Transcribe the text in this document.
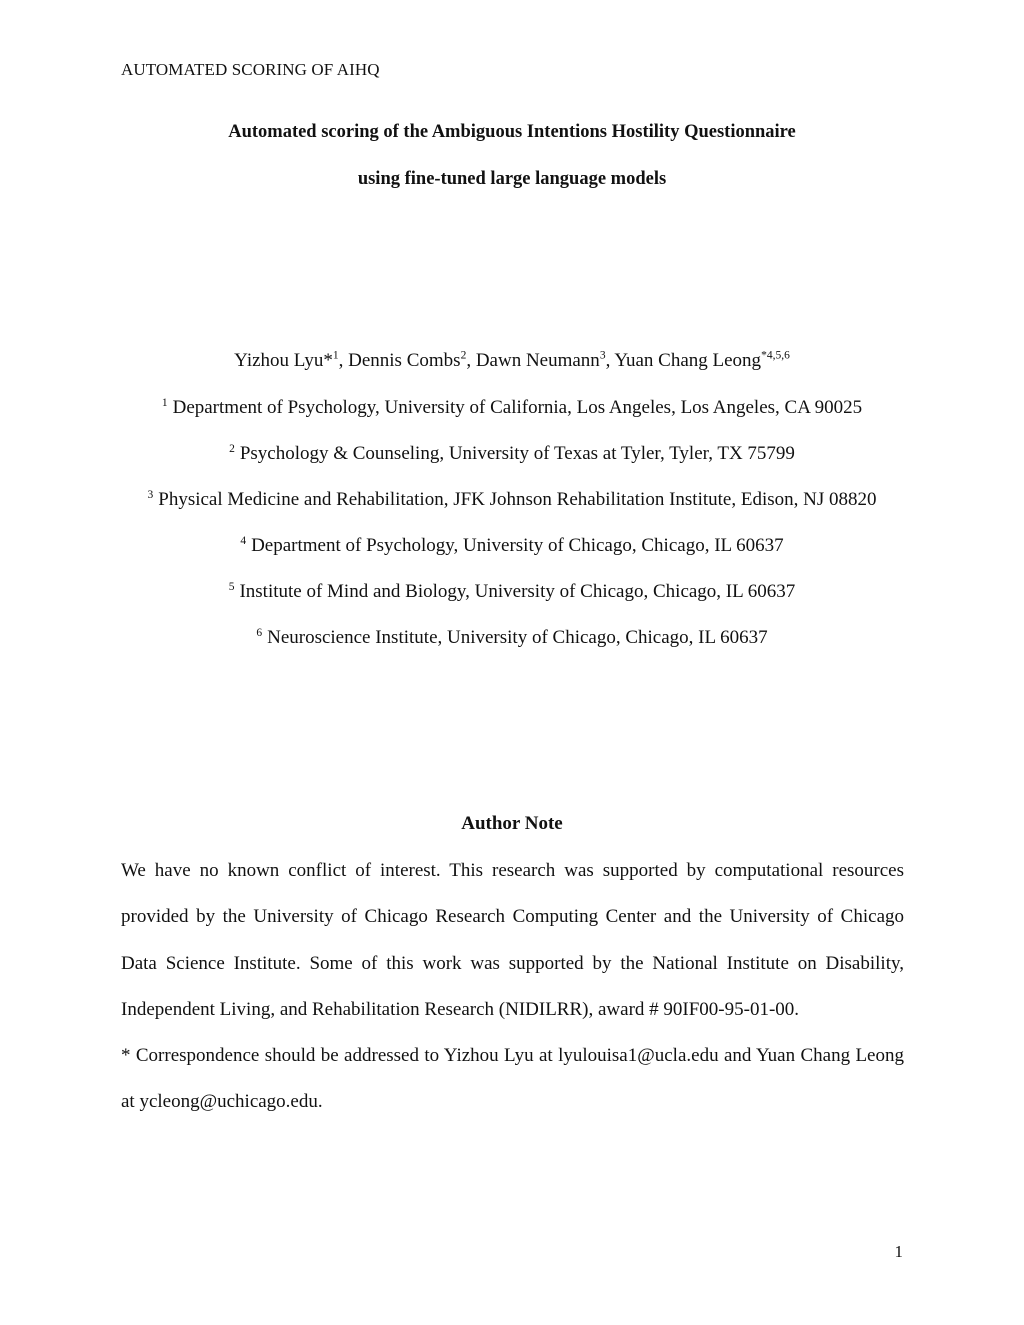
AUTOMATED SCORING OF AIHQ
Automated scoring of the Ambiguous Intentions Hostility Questionnaire
using fine-tuned large language models
Yizhou Lyu*$^1$, Dennis Combs$^2$, Dawn Neumann$^3$, Yuan Chang Leong$^{*4,5,6}$
$^1$ Department of Psychology, University of California, Los Angeles, Los Angeles, CA 90025
$^2$ Psychology & Counseling, University of Texas at Tyler, Tyler, TX 75799
$^3$ Physical Medicine and Rehabilitation, JFK Johnson Rehabilitation Institute, Edison, NJ 08820
$^4$ Department of Psychology, University of Chicago, Chicago, IL 60637
$^5$ Institute of Mind and Biology, University of Chicago, Chicago, IL 60637
$^6$ Neuroscience Institute, University of Chicago, Chicago, IL 60637
Author Note
We have no known conflict of interest. This research was supported by computational resources provided by the University of Chicago Research Computing Center and the University of Chicago Data Science Institute. Some of this work was supported by the National Institute on Disability, Independent Living, and Rehabilitation Research (NIDILRR), award # 90IF00-95-01-00.
* Correspondence should be addressed to Yizhou Lyu at lyulouisa1@ucla.edu and Yuan Chang Leong at ycleong@uchicago.edu.
1
